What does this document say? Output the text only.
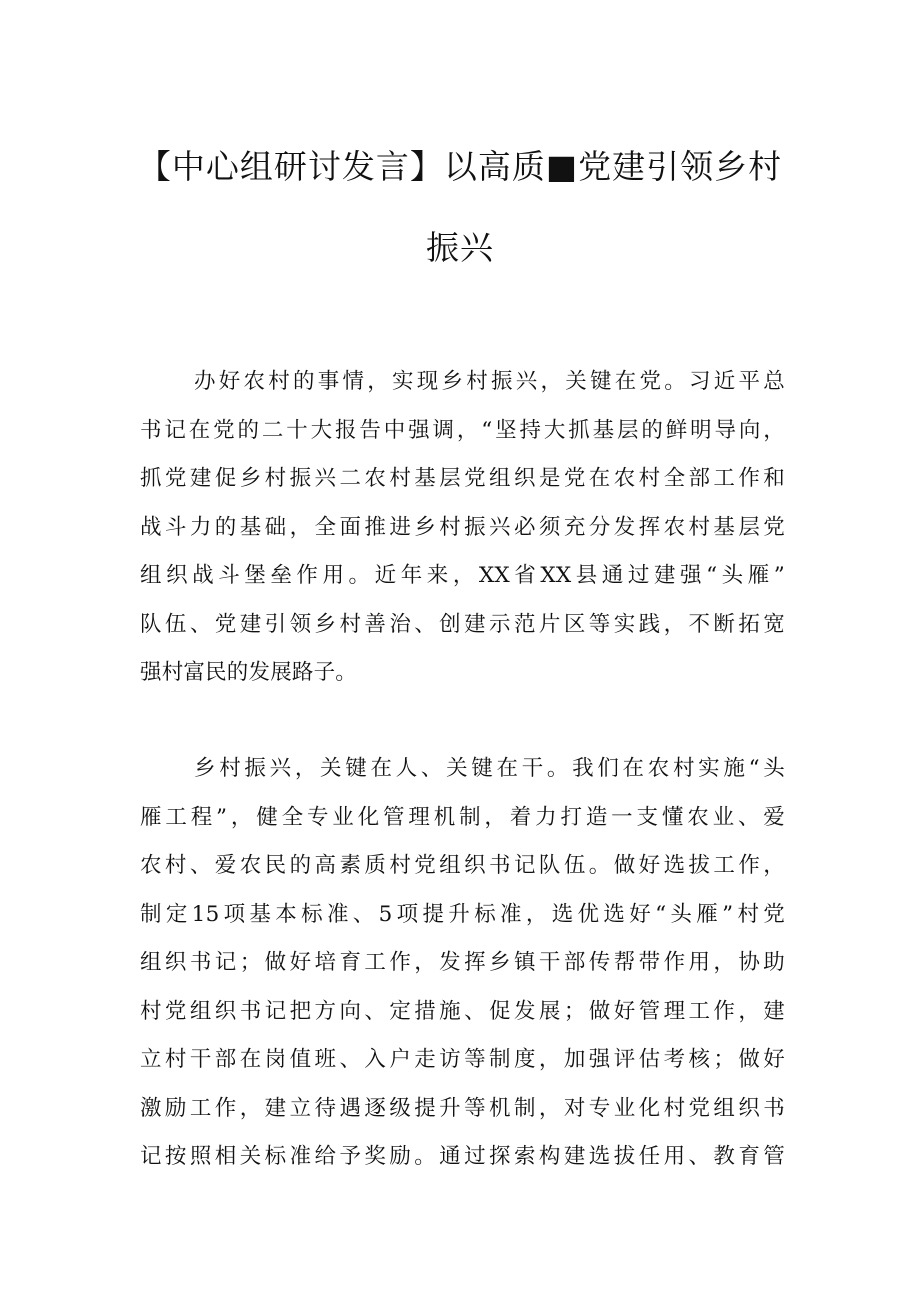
【中心组研讨发言】以高质■党建引领乡村
振兴
办好农村的事情，实现乡村振兴，关键在党。习近平总
书记在党的二十大报告中强调，“坚持大抓基层的鲜明导向，
抓党建促乡村振兴二农村基层党组织是党在农村全部工作和
战斗力的基础，全面推进乡村振兴必须充分发挥农村基层党
组织战斗堡垒作用。近年来，XX省XX县通过建强“头雁”
队伍、党建引领乡村善治、创建示范片区等实践，不断拓宽
强村富民的发展路子。
乡村振兴，关键在人、关键在干。我们在农村实施“头
雁工程”，健全专业化管理机制，着力打造一支懂农业、爱
农村、爱农民的高素质村党组织书记队伍。做好选拔工作，
制定15项基本标准、5项提升标准，选优选好“头雁”村党
组织书记；做好培育工作，发挥乡镇干部传帮带作用，协助
村党组织书记把方向、定措施、促发展；做好管理工作，建
立村干部在岗值班、入户走访等制度，加强评估考核；做好
激励工作，建立待遇逐级提升等机制，对专业化村党组织书
记按照相关标准给予奖励。通过探索构建选拔任用、教育管
